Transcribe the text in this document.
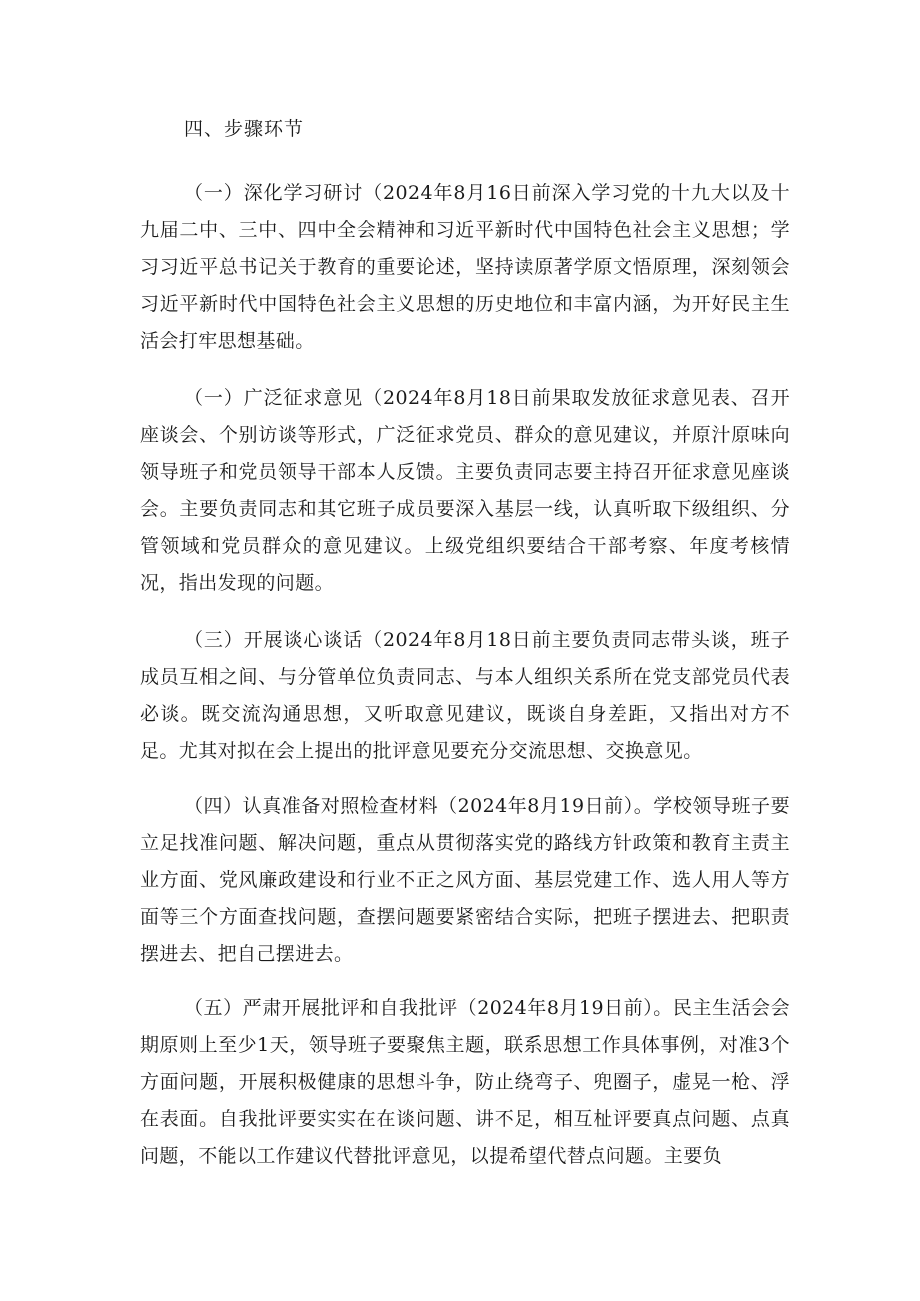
四、步骤环节

（一）深化学习研讨（2024年8月16日前深入学习党的十九大以及十九届二中、三中、四中全会精神和习近平新时代中国特色社会主义思想；学习习近平总书记关于教育的重要论述，坚持读原著学原文悟原理，深刻领会习近平新时代中国特色社会主义思想的历史地位和丰富内涵，为开好民主生活会打牢思想基础。

（一）广泛征求意见（2024年8月18日前果取发放征求意见表、召开座谈会、个别访谈等形式，广泛征求党员、群众的意见建议，并原汁原味向领导班子和党员领导干部本人反馈。主要负责同志要主持召开征求意见座谈会。主要负责同志和其它班子成员要深入基层一线，认真听取下级组织、分管领域和党员群众的意见建议。上级党组织要结合干部考察、年度考核情况，指出发现的问题。

（三）开展谈心谈话（2024年8月18日前主要负责同志带头谈，班子成员互相之间、与分管单位负责同志、与本人组织关系所在党支部党员代表必谈。既交流沟通思想，又听取意见建议，既谈自身差距，又指出对方不足。尤其对拟在会上提出的批评意见要充分交流思想、交换意见。

（四）认真准备对照检查材料（2024年8月19日前）。学校领导班子要立足找准问题、解决问题，重点从贯彻落实党的路线方针政策和教育主责主业方面、党风廉政建设和行业不正之风方面、基层党建工作、选人用人等方面等三个方面查找问题，查摆问题要紧密结合实际，把班子摆进去、把职责摆进去、把自己摆进去。

（五）严肃开展批评和自我批评（2024年8月19日前）。民主生活会会期原则上至少1天，领导班子要聚焦主题，联系思想工作具体事例，对准3个方面问题，开展积极健康的思想斗争，防止绕弯子、兜圈子，虚晃一枪、浮在表面。自我批评要实实在在谈问题、讲不足，相互杫评要真点问题、点真问题，不能以工作建议代替批评意见，以提希望代替点问题。主要负
